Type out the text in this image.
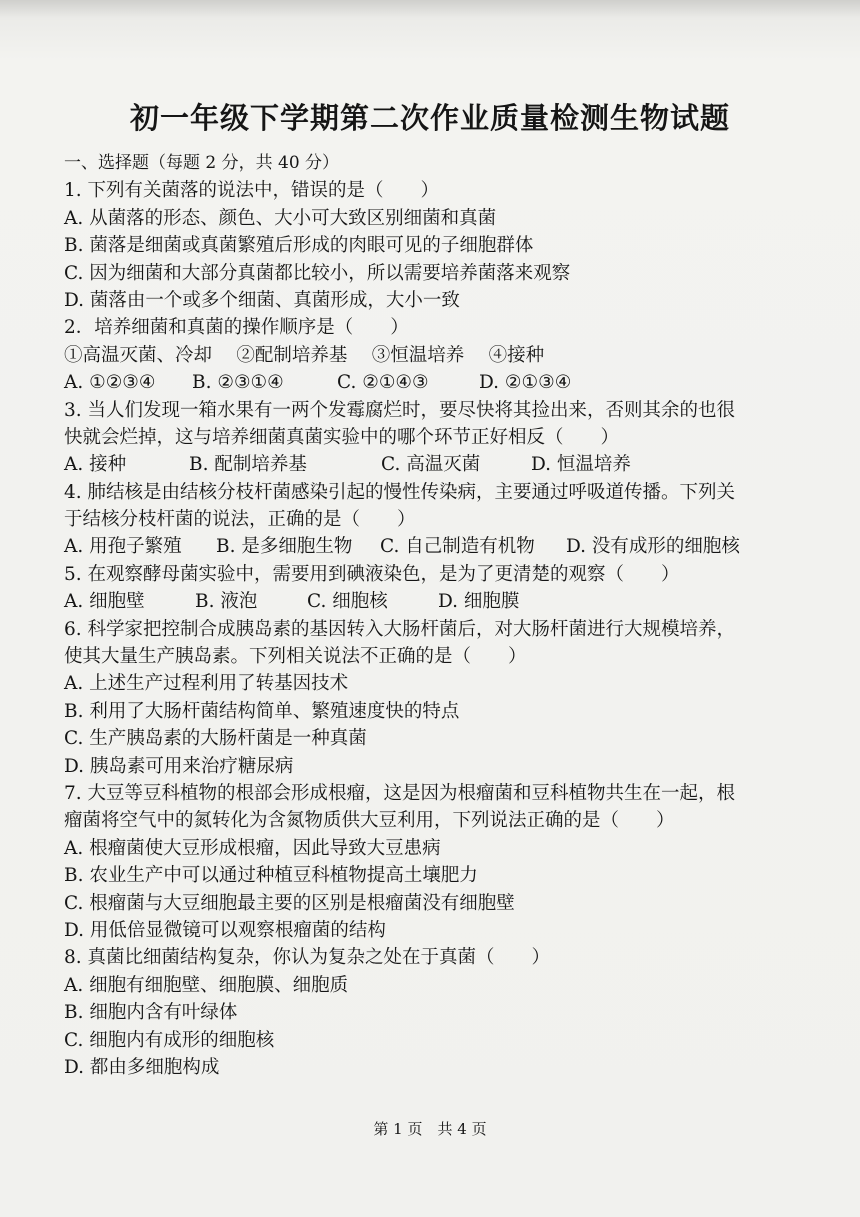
初一年级下学期第二次作业质量检测生物试题
一、选择题（每题 2 分，共 40 分）
1. 下列有关菌落的说法中，错误的是（　　）
A. 从菌落的形态、颜色、大小可大致区别细菌和真菌
B. 菌落是细菌或真菌繁殖后形成的肉眼可见的子细胞群体
C. 因为细菌和大部分真菌都比较小，所以需要培养菌落来观察
D. 菌落由一个或多个细菌、真菌形成，大小一致
2．培养细菌和真菌的操作顺序是（　　）
①高温灭菌、冷却　 ②配制培养基　 ③恒温培养　 ④接种
A. ①②③④ B. ②③①④	C. ②①④③	D. ②①③④
3. 当人们发现一箱水果有一两个发霉腐烂时，要尽快将其捡出来，否则其余的也很
快就会烂掉，这与培养细菌真菌实验中的哪个环节正好相反（　　）
A. 接种	B. 配制培养基	C. 高温灭菌	D. 恒温培养
4. 肺结核是由结核分枝杆菌感染引起的慢性传染病，主要通过呼吸道传播。下列关
于结核分枝杆菌的说法，正确的是（　　）
A. 用孢子繁殖 B. 是多细胞生物 C. 自己制造有机物 D. 没有成形的细胞核
5. 在观察酵母菌实验中，需要用到碘液染色，是为了更清楚的观察（　　）
A. 细胞壁	B. 液泡	C. 细胞核	D. 细胞膜
6. 科学家把控制合成胰岛素的基因转入大肠杆菌后，对大肠杆菌进行大规模培养，
使其大量生产胰岛素。下列相关说法不正确的是（　　）
A. 上述生产过程利用了转基因技术
B. 利用了大肠杆菌结构简单、繁殖速度快的特点
C. 生产胰岛素的大肠杆菌是一种真菌
D. 胰岛素可用来治疗糖尿病
7. 大豆等豆科植物的根部会形成根瘤，这是因为根瘤菌和豆科植物共生在一起，根
瘤菌将空气中的氮转化为含氮物质供大豆利用，下列说法正确的是（　　）
A. 根瘤菌使大豆形成根瘤，因此导致大豆患病
B. 农业生产中可以通过种植豆科植物提高土壤肥力
C. 根瘤菌与大豆细胞最主要的区别是根瘤菌没有细胞壁
D. 用低倍显微镜可以观察根瘤菌的结构
8. 真菌比细菌结构复杂，你认为复杂之处在于真菌（　　）
A. 细胞有细胞壁、细胞膜、细胞质
B. 细胞内含有叶绿体
C. 细胞内有成形的细胞核
D. 都由多细胞构成
第 1 页　共 4 页
